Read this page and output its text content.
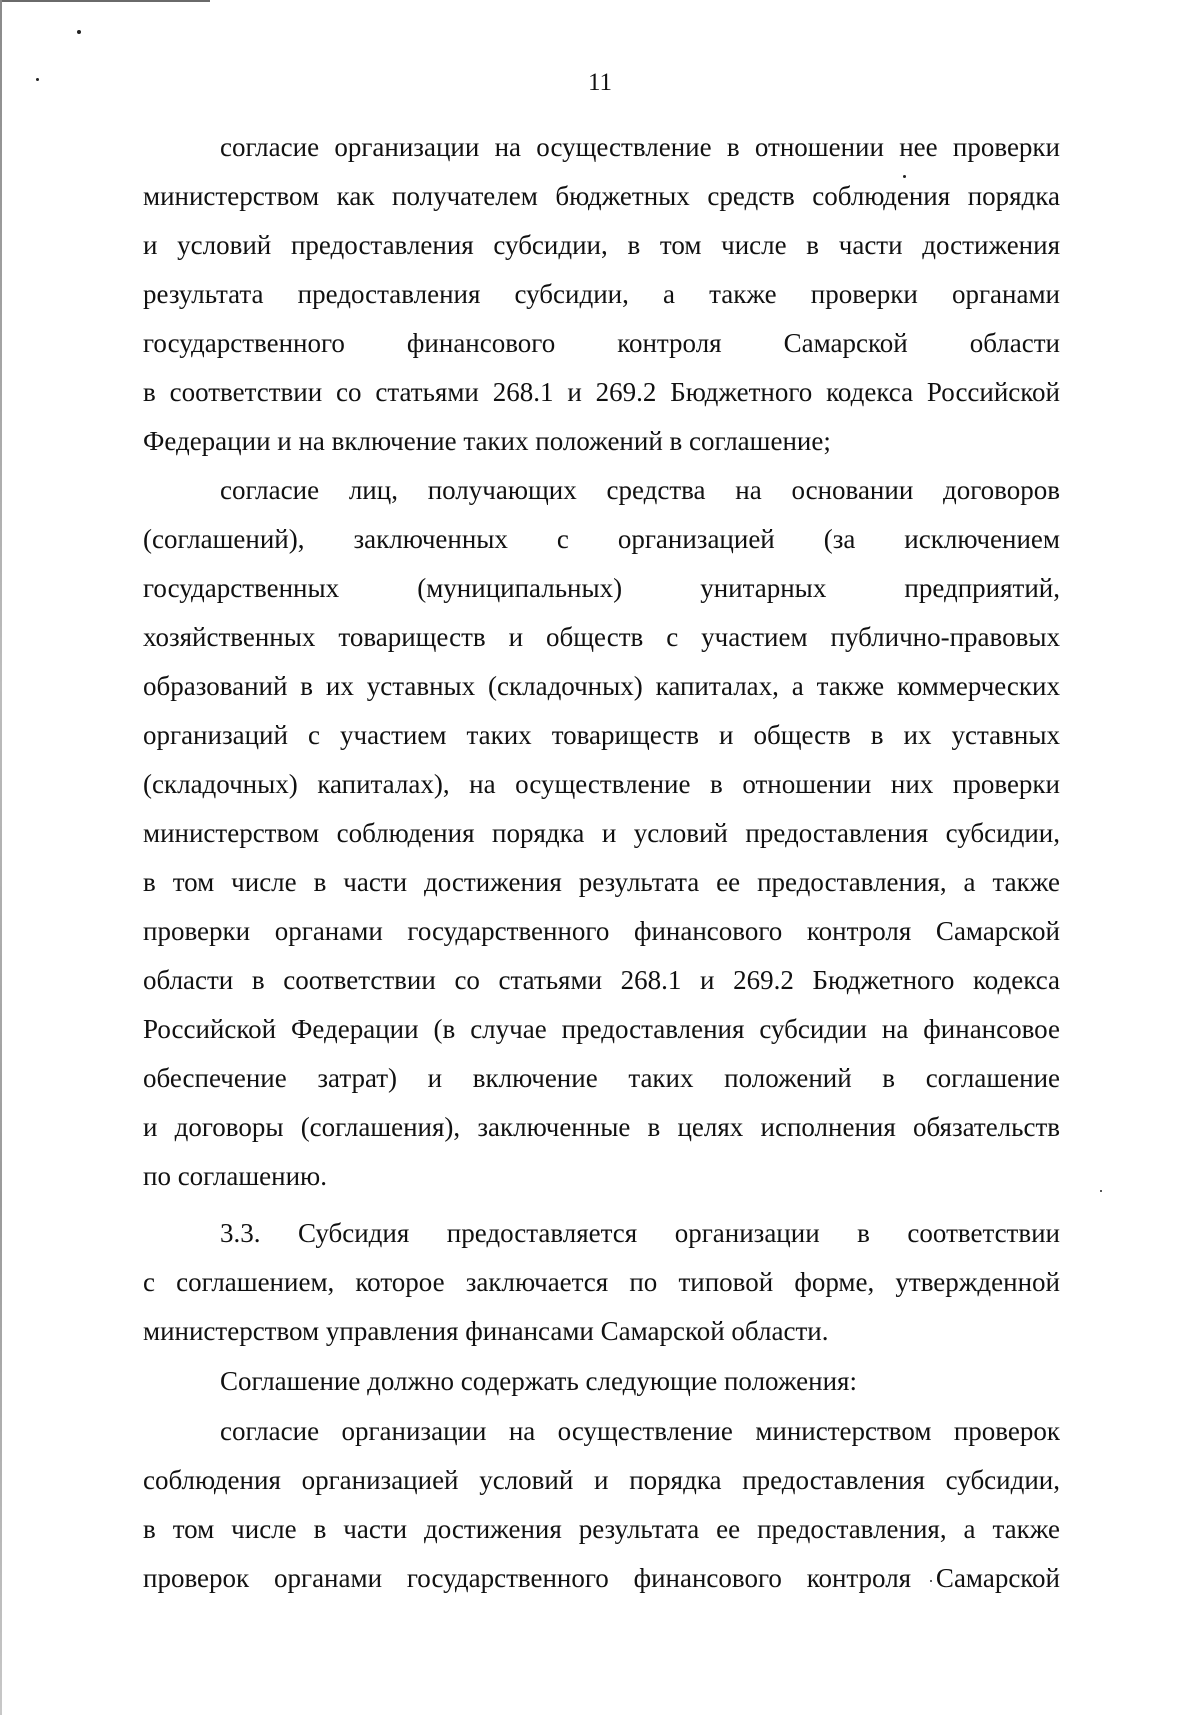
11
согласие организации на осуществление в отношении нее проверки
министерством как получателем бюджетных средств соблюдения порядка
и условий предоставления субсидии, в том числе в части достижения
результата предоставления субсидии, а также проверки органами
государственного финансового контроля Самарской области
в соответствии со статьями 268.1 и 269.2 Бюджетного кодекса Российской
Федерации и на включение таких положений в соглашение;
согласие лиц, получающих средства на основании договоров
(соглашений), заключенных с организацией (за исключением
государственных (муниципальных) унитарных предприятий,
хозяйственных товариществ и обществ с участием публично-правовых
образований в их уставных (складочных) капиталах, а также коммерческих
организаций с участием таких товариществ и обществ в их уставных
(складочных) капиталах), на осуществление в отношении них проверки
министерством соблюдения порядка и условий предоставления субсидии,
в том числе в части достижения результата ее предоставления, а также
проверки органами государственного финансового контроля Самарской
области в соответствии со статьями 268.1 и 269.2 Бюджетного кодекса
Российской Федерации (в случае предоставления субсидии на финансовое
обеспечение затрат) и включение таких положений в соглашение
и договоры (соглашения), заключенные в целях исполнения обязательств
по соглашению.
3.3. Субсидия предоставляется организации в соответствии
с соглашением, которое заключается по типовой форме, утвержденной
министерством управления финансами Самарской области.
Соглашение должно содержать следующие положения:
согласие организации на осуществление министерством проверок
соблюдения организацией условий и порядка предоставления субсидии,
в том числе в части достижения результата ее предоставления, а также
проверок органами государственного финансового контроля Самарской
